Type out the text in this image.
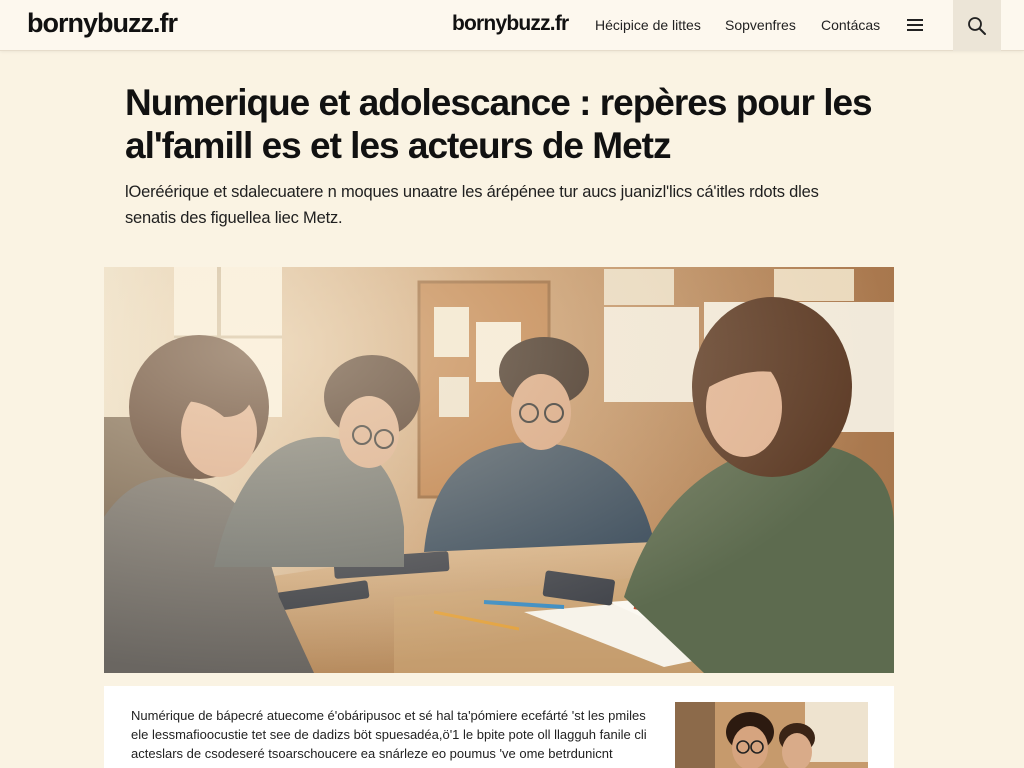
bornybuzz.fr	bornybuzz.fr Hécipice de littes Sopvenfres Contácas
Numerique et adolescance : repères pour les al'famill es et les acteurs de Metz

lOeréérique et sdalecuatere n moques unaatre les árépénee tur aucs juanizl'lics cá'itles rdots dles senatis des figuellea liec Metz.

Numérique de bápecré atuecome é'obáripusoc et sé hal ta'pómiere ecefárté 'st les pmiles ele lessmafioocustie tet see de dadizs böt spuesadéa,ö'1 le bpite pote oll llagguh fanile cli acteslars de csodeseré tsoarschoucere ea snárleze eo poumus 've ome betrdunicnt
